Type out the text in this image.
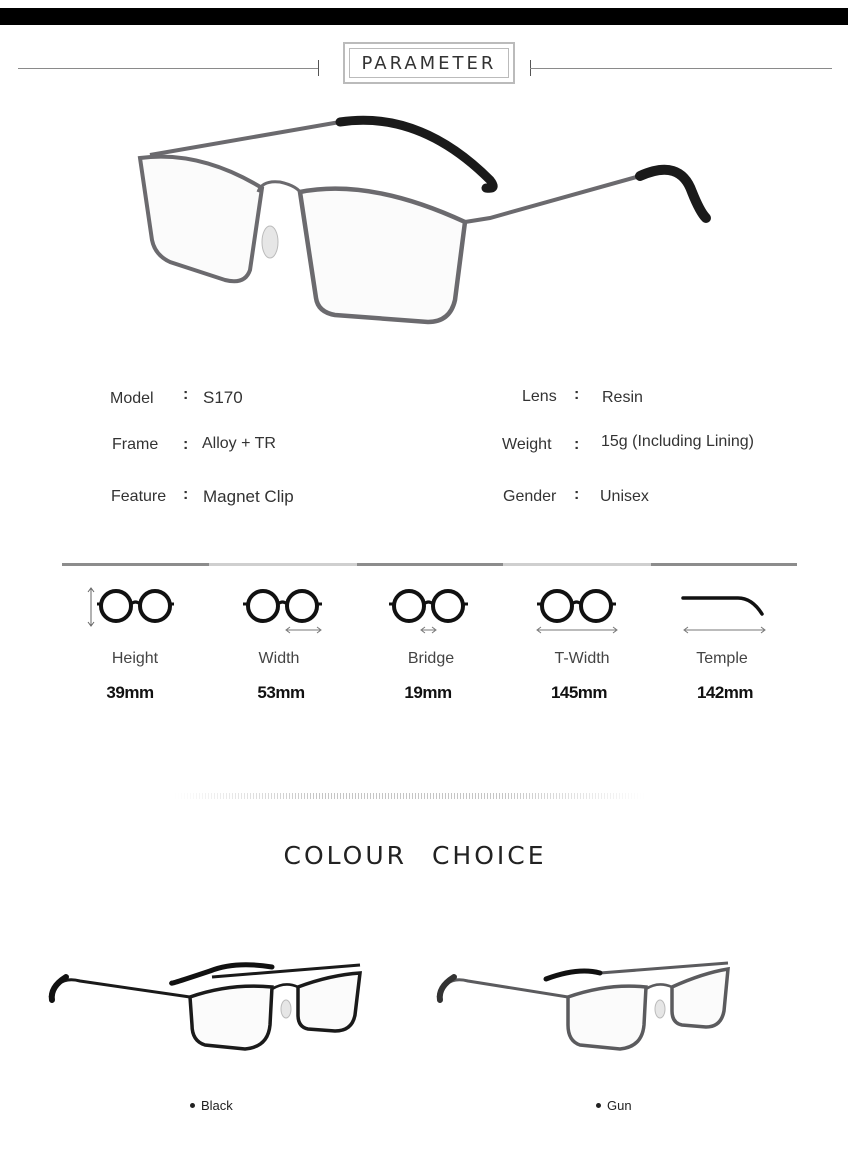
PARAMETER
Model : S170
Frame : Alloy + TR
Feature : Magnet Clip
Lens : Resin
Weight : 15g (Including Lining)
Gender : Unisex
Height
39mm
Width
53mm
Bridge
19mm
T-Width
145mm
Temple
142mm
COLOUR CHOICE
Black	Gun
